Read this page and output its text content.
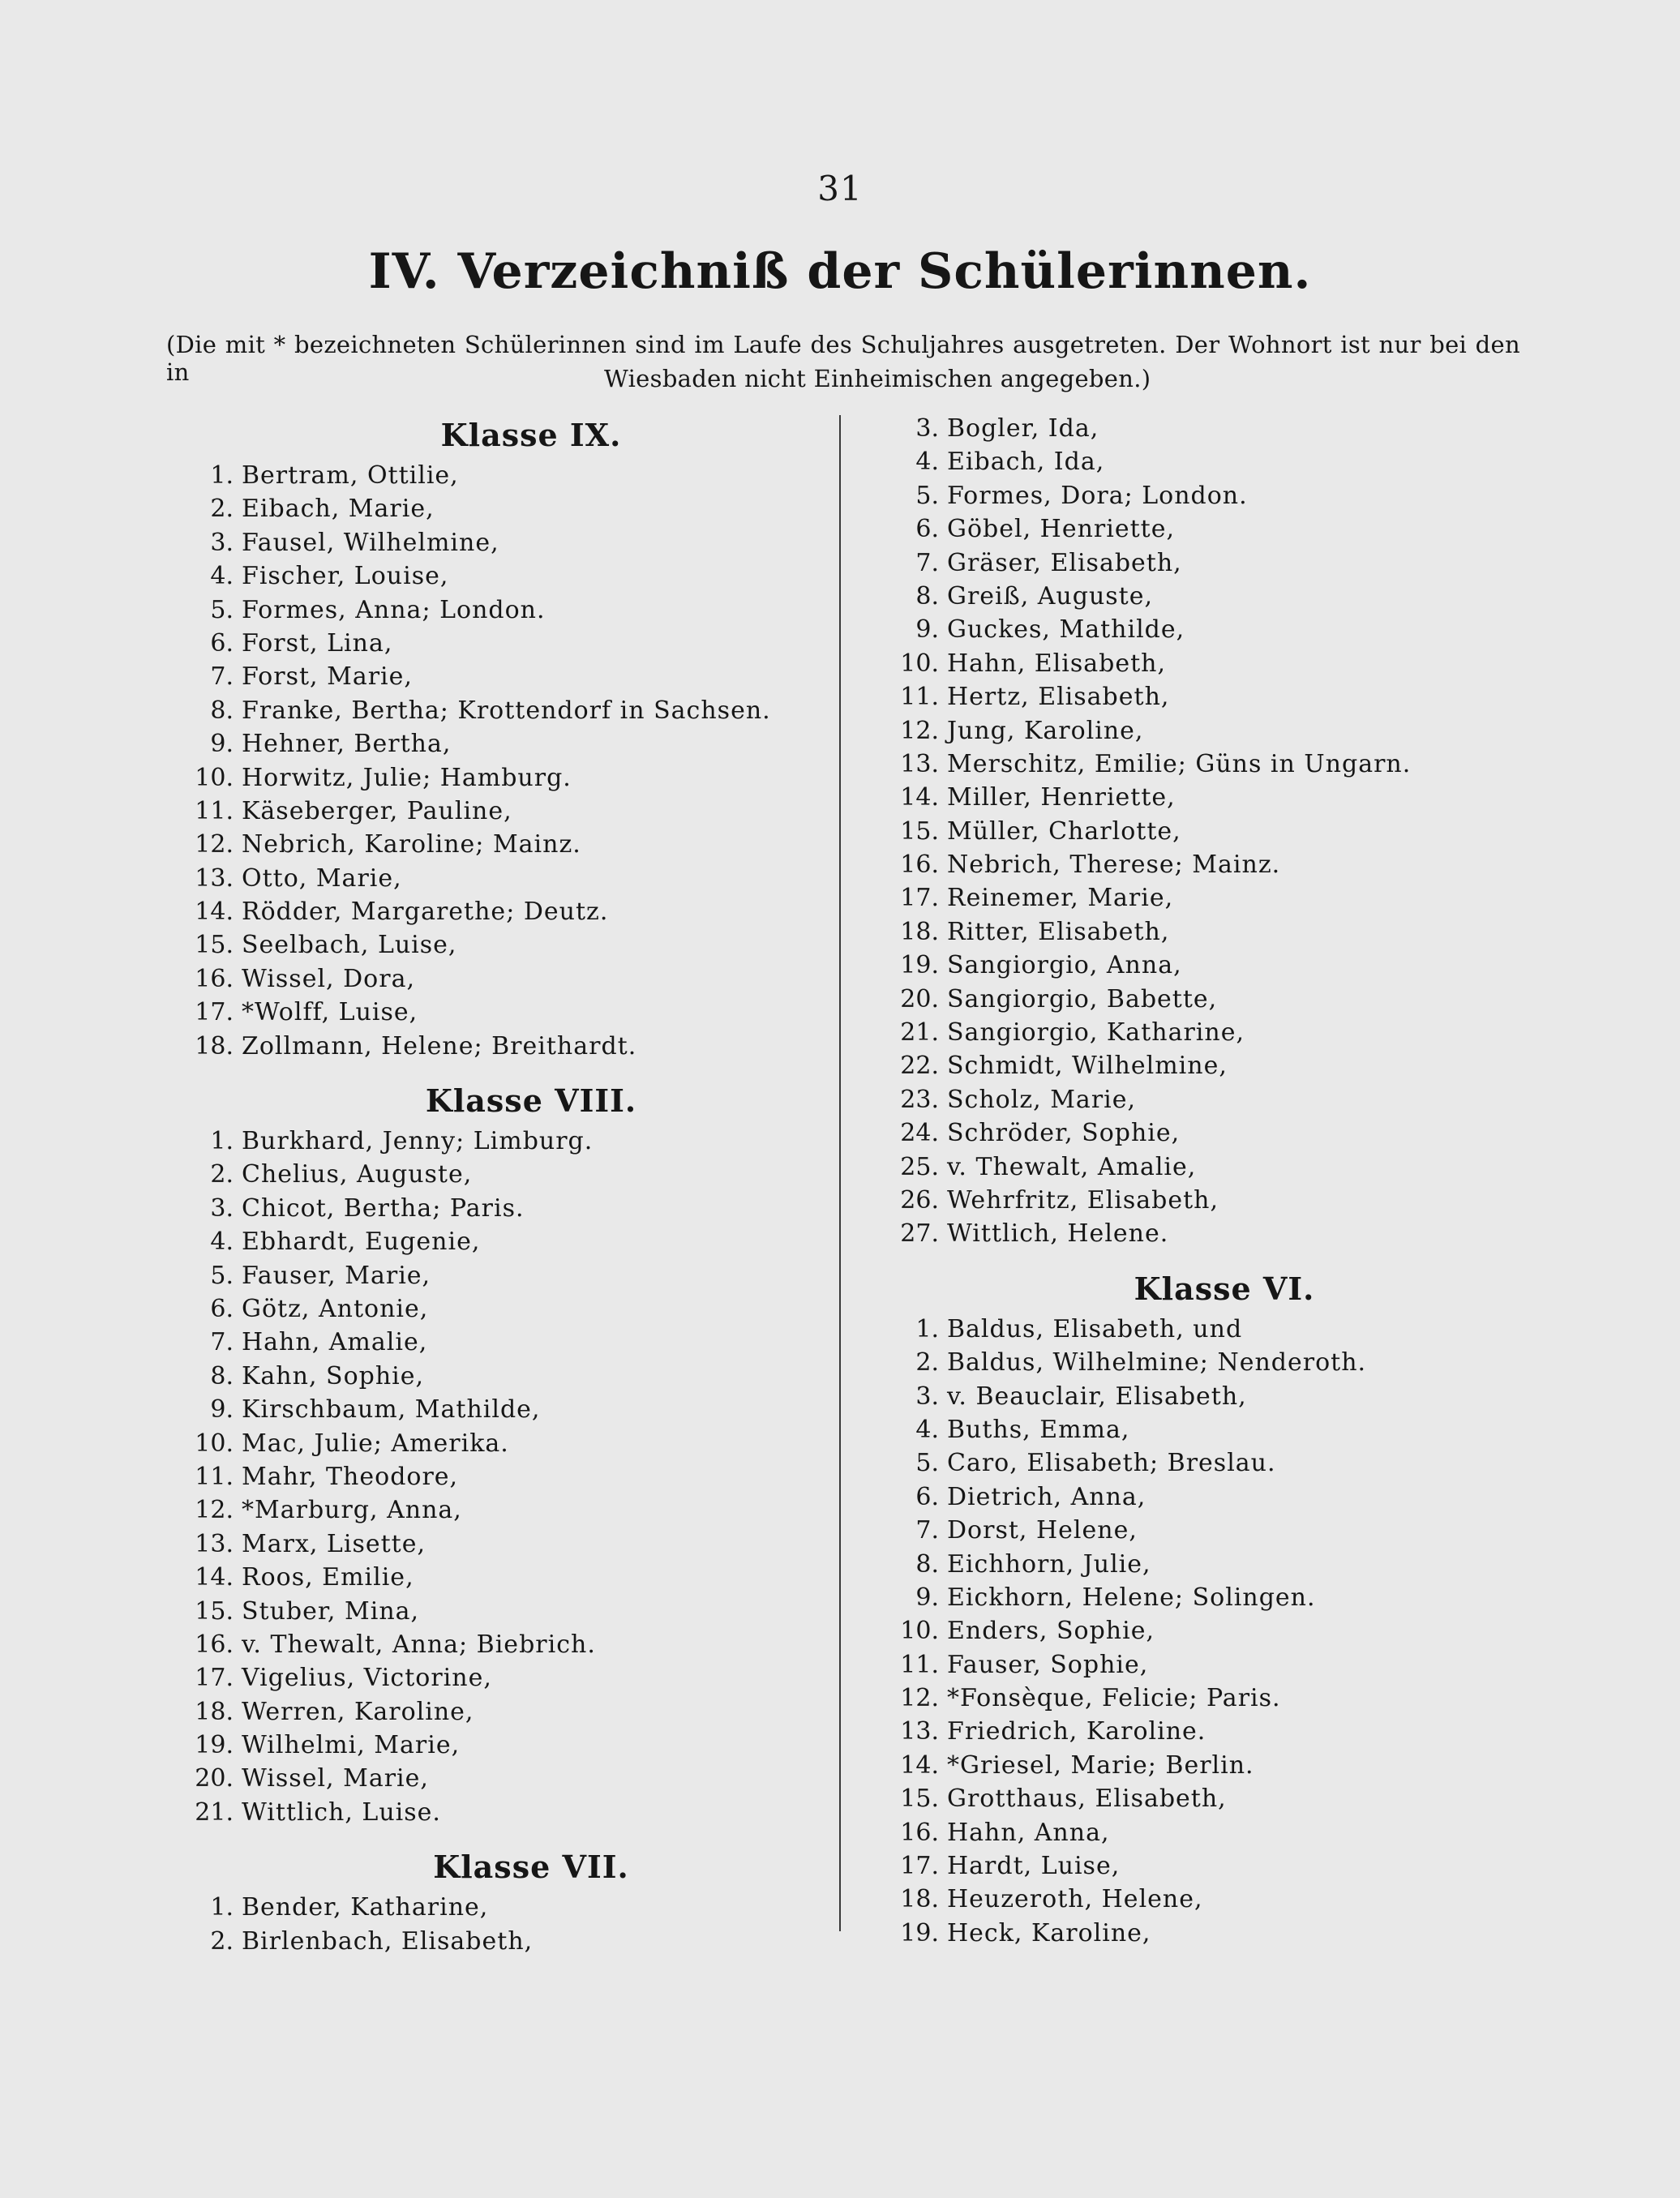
31
IV. Verzeichniß der Schülerinnen.
(Die mit * bezeichneten Schülerinnen sind im Laufe des Schuljahres ausgetreten. Der Wohnort ist nur bei den in	Wiesbaden nicht Einheimischen angegeben.)
Klasse IX.
1. Bertram, Ottilie,
2. Eibach, Marie,
3. Fausel, Wilhelmine,
4. Fischer, Louise,
5. Formes, Anna; London.
6. Forst, Lina,
7. Forst, Marie,
8. Franke, Bertha; Krottendorf in Sachsen.
9. Hehner, Bertha,
10. Horwitz, Julie; Hamburg.
11. Käseberger, Pauline,
12. Nebrich, Karoline; Mainz.
13. Otto, Marie,
14. Rödder, Margarethe; Deutz.
15. Seelbach, Luise,
16. Wissel, Dora,
17. *Wolff, Luise,
18. Zollmann, Helene; Breithardt.
Klasse VIII.
1. Burkhard, Jenny; Limburg.
2. Chelius, Auguste,
3. Chicot, Bertha; Paris.
4. Ebhardt, Eugenie,
5. Fauser, Marie,
6. Götz, Antonie,
7. Hahn, Amalie,
8. Kahn, Sophie,
9. Kirschbaum, Mathilde,
10. Mac, Julie; Amerika.
11. Mahr, Theodore,
12. *Marburg, Anna,
13. Marx, Lisette,
14. Roos, Emilie,
15. Stuber, Mina,
16. v. Thewalt, Anna; Biebrich.
17. Vigelius, Victorine,
18. Werren, Karoline,
19. Wilhelmi, Marie,
20. Wissel, Marie,
21. Wittlich, Luise.
Klasse VII.
1. Bender, Katharine,
2. Birlenbach, Elisabeth,
3. Bogler, Ida,
4. Eibach, Ida,
5. Formes, Dora; London.
6. Göbel, Henriette,
7. Gräser, Elisabeth,
8. Greiß, Auguste,
9. Guckes, Mathilde,
10. Hahn, Elisabeth,
11. Hertz, Elisabeth,
12. Jung, Karoline,
13. Merschitz, Emilie; Güns in Ungarn.
14. Miller, Henriette,
15. Müller, Charlotte,
16. Nebrich, Therese; Mainz.
17. Reinemer, Marie,
18. Ritter, Elisabeth,
19. Sangiorgio, Anna,
20. Sangiorgio, Babette,
21. Sangiorgio, Katharine,
22. Schmidt, Wilhelmine,
23. Scholz, Marie,
24. Schröder, Sophie,
25. v. Thewalt, Amalie,
26. Wehrfritz, Elisabeth,
27. Wittlich, Helene.
Klasse VI.
1. Baldus, Elisabeth, und
2. Baldus, Wilhelmine; Nenderoth.
3. v. Beauclair, Elisabeth,
4. Buths, Emma,
5. Caro, Elisabeth; Breslau.
6. Dietrich, Anna,
7. Dorst, Helene,
8. Eichhorn, Julie,
9. Eickhorn, Helene; Solingen.
10. Enders, Sophie,
11. Fauser, Sophie,
12. *Fonsèque, Felicie; Paris.
13. Friedrich, Karoline.
14. *Griesel, Marie; Berlin.
15. Grotthaus, Elisabeth,
16. Hahn, Anna,
17. Hardt, Luise,
18. Heuzeroth, Helene,
19. Heck, Karoline,
